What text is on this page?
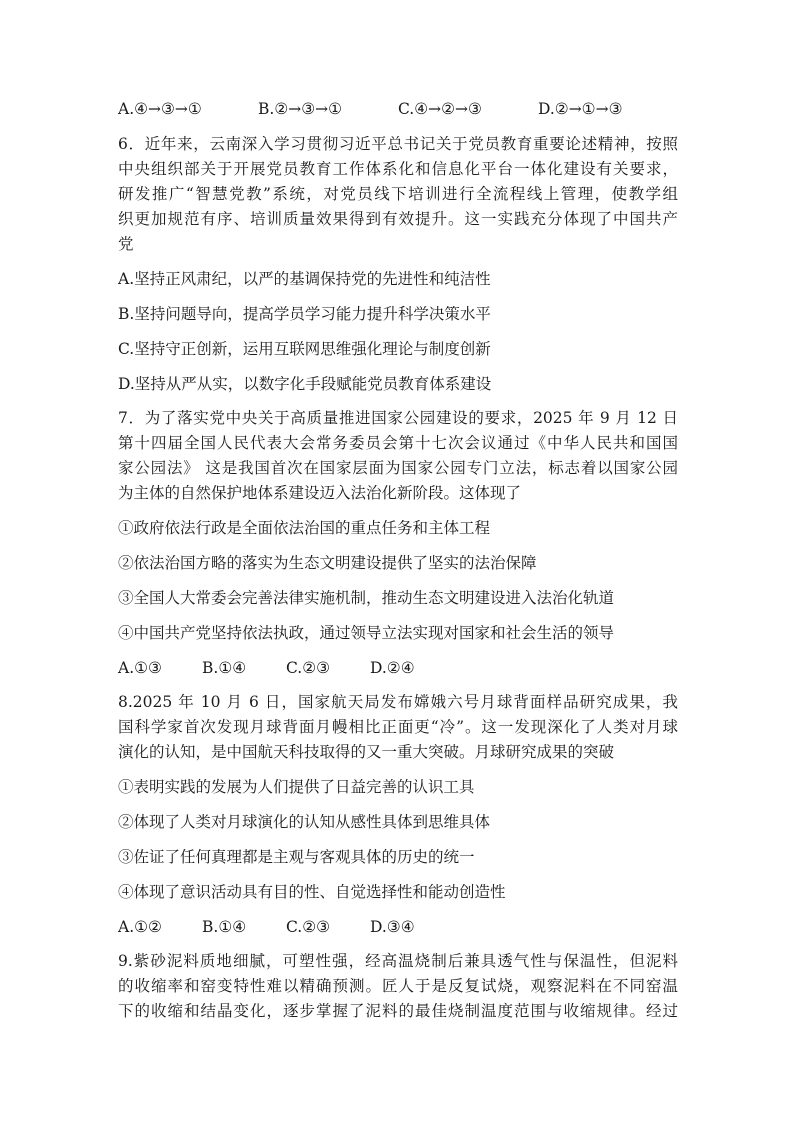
A.④→③→①	B.②→③→①	C.④→②→③	D.②→①→③
6．近年来，云南深入学习贯彻习近平总书记关于党员教育重要论述精神，按照
中央组织部关于开展党员教育工作体系化和信息化平台一体化建设有关要求，
研发推广“智慧党教”系统，对党员线下培训进行全流程线上管理，使教学组
织更加规范有序、培训质量效果得到有效提升。这一实践充分体现了中国共产
党
A.坚持正风肃纪，以严的基调保持党的先进性和纯洁性
B.坚持问题导向，提高学员学习能力提升科学决策水平
C.坚持守正创新，运用互联网思维强化理论与制度创新
D.坚持从严从实，以数字化手段赋能党员教育体系建设
7．为了落实党中央关于高质量推进国家公园建设的要求，2025 年 9 月 12 日
第十四届全国人民代表大会常务委员会第十七次会议通过《中华人民共和国国
家公园法》 这是我国首次在国家层面为国家公园专门立法，标志着以国家公园
为主体的自然保护地体系建设迈入法治化新阶段。这体现了
①政府依法行政是全面依法治国的重点任务和主体工程
②依法治国方略的落实为生态文明建设提供了坚实的法治保障
③全国人大常委会完善法律实施机制，推动生态文明建设进入法治化轨道
④中国共产党坚持依法执政，通过领导立法实现对国家和社会生活的领导
A.①③	B.①④	C.②③	D.②④
8.2025 年 10 月 6 日，国家航天局发布嫦娥六号月球背面样品研究成果，我
国科学家首次发现月球背面月幔相比正面更“冷”。这一发现深化了人类对月球
演化的认知，是中国航天科技取得的又一重大突破。月球研究成果的突破
①表明实践的发展为人们提供了日益完善的认识工具
②体现了人类对月球演化的认知从感性具体到思维具体
③佐证了任何真理都是主观与客观具体的历史的统一
④体现了意识活动具有目的性、自觉选择性和能动创造性
A.①②	B.①④	C.②③	D.③④
9.紫砂泥料质地细腻，可塑性强，经高温烧制后兼具透气性与保温性，但泥料
的收缩率和窑变特性难以精确预测。匠人于是反复试烧，观察泥料在不同窑温
下的收缩和结晶变化，逐步掌握了泥料的最佳烧制温度范围与收缩规律。经过
